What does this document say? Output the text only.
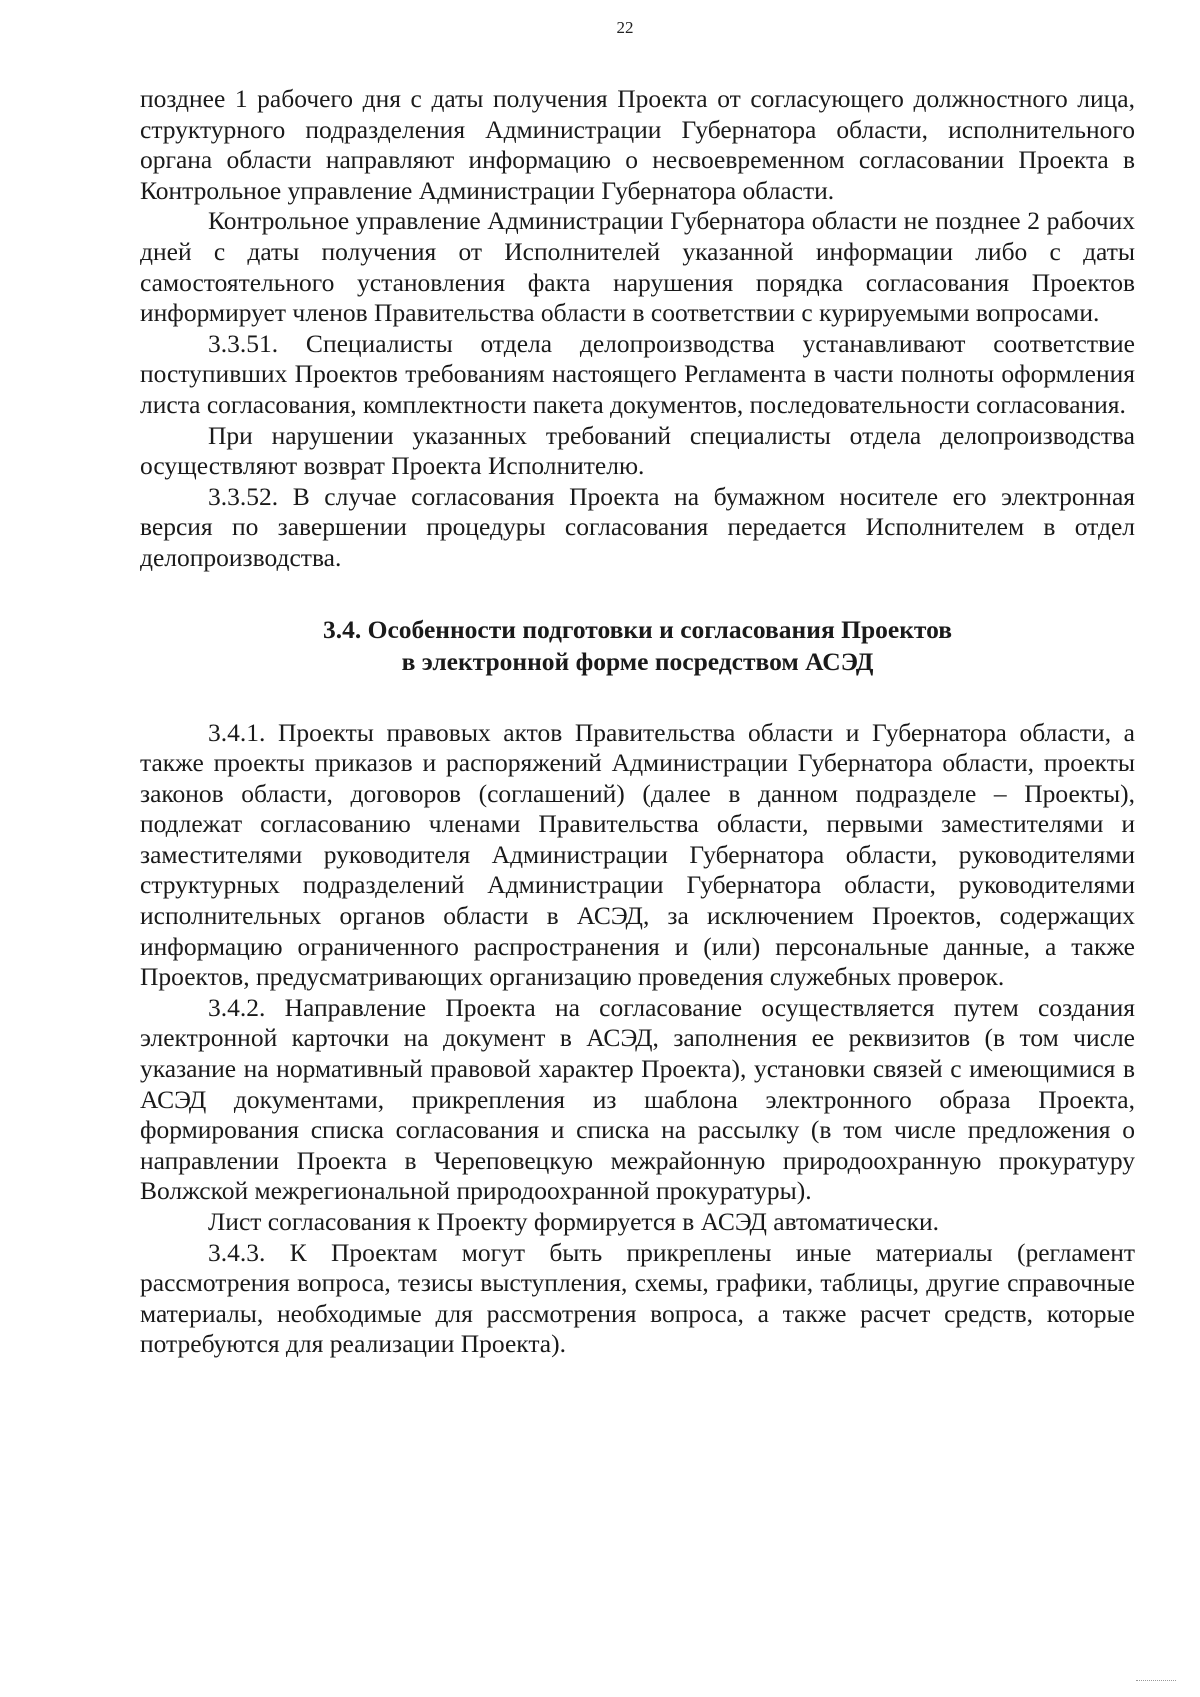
22

позднее 1 рабочего дня с даты получения Проекта от согласующего должностного лица, структурного подразделения Администрации Губернатора области, исполнительного органа области направляют информацию о несвоевременном согласовании Проекта в Контрольное управление Администрации Губернатора области.

Контрольное управление Администрации Губернатора области не позднее 2 рабочих дней с даты получения от Исполнителей указанной информации либо с даты самостоятельного установления факта нарушения порядка согласования Проектов информирует членов Правительства области в соответствии с курируемыми вопросами.

3.3.51. Специалисты отдела делопроизводства устанавливают соответствие поступивших Проектов требованиям настоящего Регламента в части полноты оформления листа согласования, комплектности пакета документов, последовательности согласования.

При нарушении указанных требований специалисты отдела делопроизводства осуществляют возврат Проекта Исполнителю.

3.3.52. В случае согласования Проекта на бумажном носителе его электронная версия по завершении процедуры согласования передается Исполнителем в отдел делопроизводства.

3.4. Особенности подготовки и согласования Проектов
в электронной форме посредством АСЭД

3.4.1. Проекты правовых актов Правительства области и Губернатора области, а также проекты приказов и распоряжений Администрации Губернатора области, проекты законов области, договоров (соглашений) (далее в данном подразделе – Проекты), подлежат согласованию членами Правительства области, первыми заместителями и заместителями руководителя Администрации Губернатора области, руководителями структурных подразделений Администрации Губернатора области, руководителями исполнительных органов области в АСЭД, за исключением Проектов, содержащих информацию ограниченного распространения и (или) персональные данные, а также Проектов, предусматривающих организацию проведения служебных проверок.

3.4.2. Направление Проекта на согласование осуществляется путем создания электронной карточки на документ в АСЭД, заполнения ее реквизитов (в том числе указание на нормативный правовой характер Проекта), установки связей с имеющимися в АСЭД документами, прикрепления из шаблона электронного образа Проекта, формирования списка согласования и списка на рассылку (в том числе предложения о направлении Проекта в Череповецкую межрайонную природоохранную прокуратуру Волжской межрегиональной природоохранной прокуратуры).

Лист согласования к Проекту формируется в АСЭД автоматически.

3.4.3. К Проектам могут быть прикреплены иные материалы (регламент рассмотрения вопроса, тезисы выступления, схемы, графики, таблицы, другие справочные материалы, необходимые для рассмотрения вопроса, а также расчет средств, которые потребуются для реализации Проекта).
